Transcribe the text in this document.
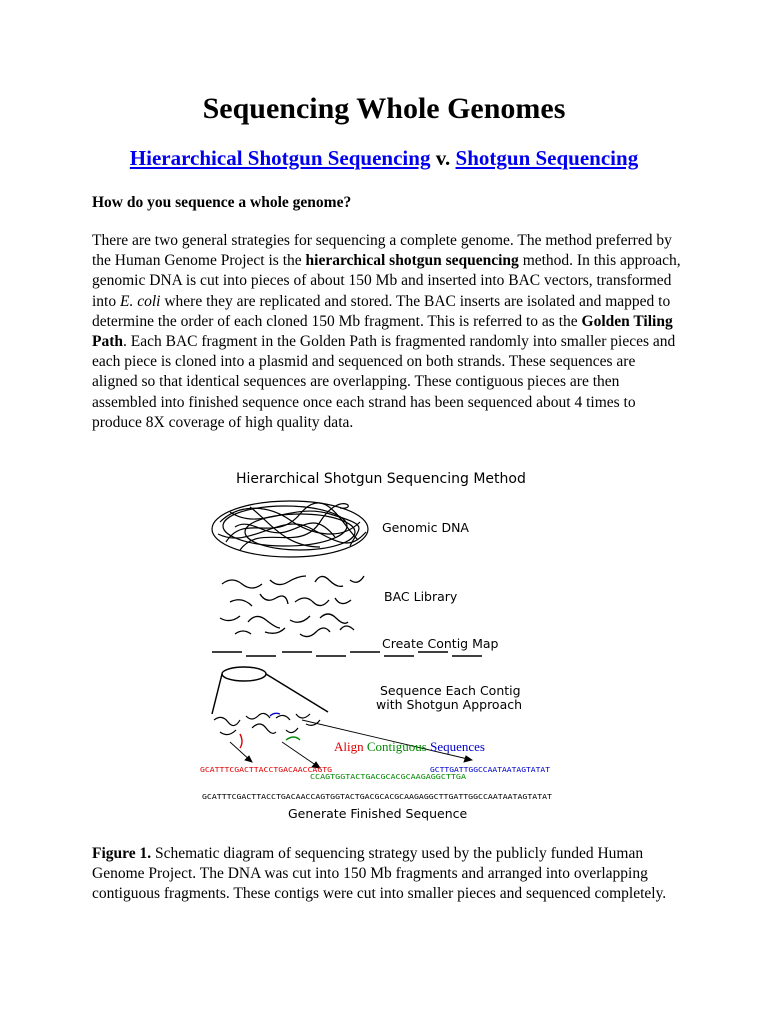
Sequencing Whole Genomes
Hierarchical Shotgun Sequencing v. Shotgun Sequencing
How do you sequence a whole genome?
There are two general strategies for sequencing a complete genome. The method preferred by the Human Genome Project is the hierarchical shotgun sequencing method. In this approach, genomic DNA is cut into pieces of about 150 Mb and inserted into BAC vectors, transformed into E. coli where they are replicated and stored. The BAC inserts are isolated and mapped to determine the order of each cloned 150 Mb fragment. This is referred to as the Golden Tiling Path. Each BAC fragment in the Golden Path is fragmented randomly into smaller pieces and each piece is cloned into a plasmid and sequenced on both strands. These sequences are aligned so that identical sequences are overlapping. These contiguous pieces are then assembled into finished sequence once each strand has been sequenced about 4 times to produce 8X coverage of high quality data.
Hierarchical Shotgun Sequencing Method
Genomic DNA
BAC Library
Create Contig Map
Sequence Each Contig
with Shotgun Approach
Align Contiguous Sequences
GCATTTCGACTTACCTGACAACCAGTG
CCAGTGGTACTGACGCACGCAAGAGGCTTGA
GCTTGATTGGCCAATAATAGTATAT
GCATTTCGACTTACCTGACAACCAGTGGTACTGACGCACGCAAGAGGCTTGATTGGCCAATAATAGTATAT
Generate Finished Sequence
Figure 1. Schematic diagram of sequencing strategy used by the publicly funded Human Genome Project. The DNA was cut into 150 Mb fragments and arranged into overlapping contiguous fragments. These contigs were cut into smaller pieces and sequenced completely.
